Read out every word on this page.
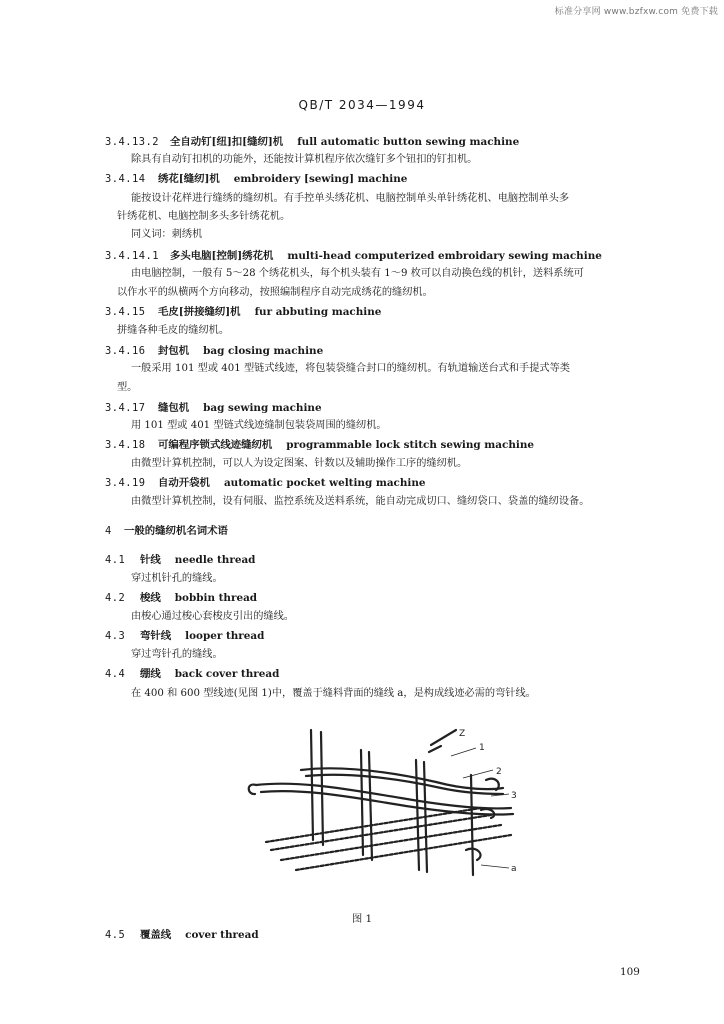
标准分享网 www.bzfxw.com 免费下载
QB/T 2034—1994
3.4.13.2 全自动钉[纽]扣[缝纫]机 full automatic button sewing machine
除具有自动钉扣机的功能外，还能按计算机程序依次缝钉多个钮扣的钉扣机。
3.4.14 绣花[缝纫]机 embroidery [sewing] machine
能按设计花样进行缝绣的缝纫机。有手控单头绣花机、电脑控制单头单针绣花机、电脑控制单头多
针绣花机、电脑控制多头多针绣花机。
同义词：刺绣机
3.4.14.1 多头电脑[控制]绣花机 multi-head computerized embroidary sewing machine
由电脑控制，一般有 5～28 个绣花机头，每个机头装有 1～9 枚可以自动换色线的机针，送料系统可
以作水平的纵横两个方向移动，按照编制程序自动完成绣花的缝纫机。
3.4.15 毛皮[拼接缝纫]机 fur abbuting machine
拼缝各种毛皮的缝纫机。
3.4.16 封包机 bag closing machine
一般采用 101 型或 401 型链式线迹，将包装袋缝合封口的缝纫机。有轨道输送台式和手提式等类
型。
3.4.17 缝包机 bag sewing machine
用 101 型或 401 型链式线迹缝制包装袋周围的缝纫机。
3.4.18 可编程序锁式线迹缝纫机 programmable lock stitch sewing machine
由微型计算机控制，可以人为设定图案、针数以及辅助操作工序的缝纫机。
3.4.19 自动开袋机 automatic pocket welting machine
由微型计算机控制，设有伺服、监控系统及送料系统，能自动完成切口、缝纫袋口、袋盖的缝纫设备。
4 一般的缝纫机名词术语
4.1 针线 needle thread
穿过机针孔的缝线。
4.2 梭线 bobbin thread
由梭心通过梭心套梭皮引出的缝线。
4.3 弯针线 looper thread
穿过弯针孔的缝线。
4.4 绷线 back cover thread
在 400 和 600 型线迹(见图 1)中，覆盖于缝料背面的缝线 a，是构成线迹必需的弯针线。
Z
1
2
3
a
图 1
4.5 覆盖线 cover thread
109
